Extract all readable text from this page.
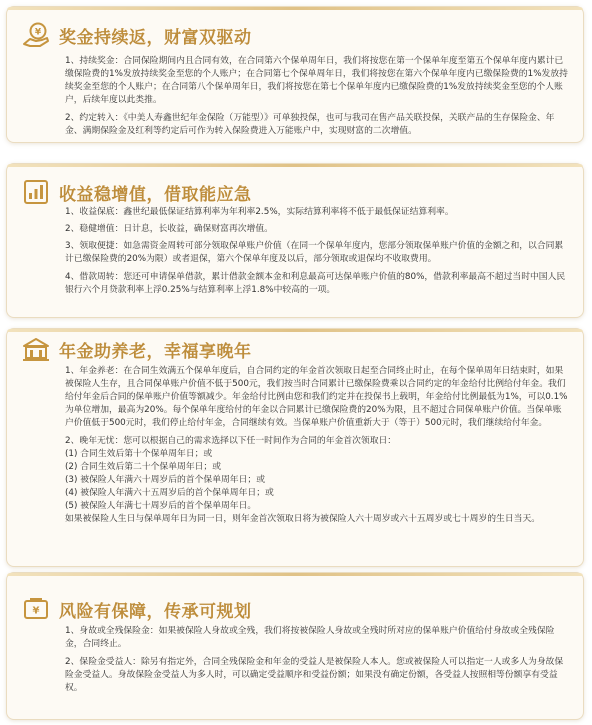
¥ 奖金持续返，财富双驱动

1、持续奖金：合同保险期间内且合同有效，在合同第六个保单周年日，我们将按您在第一个保单年度至第五个保单年度内累计已缴保险费的1%发放持续奖金至您的个人账户；在合同第七个保单周年日，我们将按您在第六个保单年度内已缴保险费的1%发放持续奖金至您的个人账户；在合同第八个保单周年日，我们将按您在第七个保单年度内已缴保险费的1%发放持续奖金至您的个人账户，后续年度以此类推。

2、约定转入：《中美人寿鑫世纪年金保险（万能型）》可单独投保，也可与我司在售产品关联投保，关联产品的生存保险金、年金、满期保险金及红利等约定后可作为转入保险费进入万能账户中，实现财富的二次增值。

收益稳增值，借取能应急

1、收益保底：鑫世纪最低保证结算利率为年利率2.5%，实际结算利率将不低于最低保证结算利率。

2、稳健增值：日计息，长收益，确保财富再次增值。

3、领取便捷：如急需资金周转可部分领取保单账户价值（在同一个保单年度内，您部分领取保单账户价值的金额之和，以合同累计已缴保险费的20%为限）或者退保，第六个保单年度及以后，部分领取或退保均不收取费用。

4、借款周转：您还可申请保单借款，累计借款金额本金和利息最高可达保单账户价值的80%，借款利率最高不超过当时中国人民银行六个月贷款利率上浮0.25%与结算利率上浮1.8%中较高的一项。

年金助养老，幸福享晚年

1、年金养老：在合同生效满五个保单年度后，自合同约定的年金首次领取日起至合同终止时止，在每个保单周年日结束时，如果被保险人生存，且合同保单账户价值不低于500元，我们按当时合同累计已缴保险费乘以合同约定的年金给付比例给付年金。我们给付年金后合同的保单账户价值等额减少。年金给付比例由您和我们约定并在投保书上载明，年金给付比例最低为1%，可以0.1%为单位增加，最高为20%。每个保单年度给付的年金以合同累计已缴保险费的20%为限，且不超过合同保单账户价值。当保单账户价值低于500元时，我们停止给付年金，合同继续有效。当保单账户价值重新大于（等于）500元时，我们继续给付年金。

2、晚年无忧：您可以根据自己的需求选择以下任一时间作为合同的年金首次领取日：

(1) 合同生效后第十个保单周年日；或

(2) 合同生效后第二十个保单周年日；或

(3) 被保险人年满六十周岁后的首个保单周年日；或

(4) 被保险人年满六十五周岁后的首个保单周年日；或

(5) 被保险人年满七十周岁后的首个保单周年日。

如果被保险人生日与保单周年日为同一日，则年金首次领取日将为被保险人六十周岁或六十五周岁或七十周岁的生日当天。

¥ 风险有保障，传承可规划

1、身故或全残保险金：如果被保险人身故或全残，我们将按被保险人身故或全残时所对应的保单账户价值给付身故或全残保险金，合同终止。

2、保险金受益人：除另有指定外，合同全残保险金和年金的受益人是被保险人本人。您或被保险人可以指定一人或多人为身故保险金受益人。身故保险金受益人为多人时，可以确定受益顺序和受益份额；如果没有确定份额，各受益人按照相等份额享有受益权。
